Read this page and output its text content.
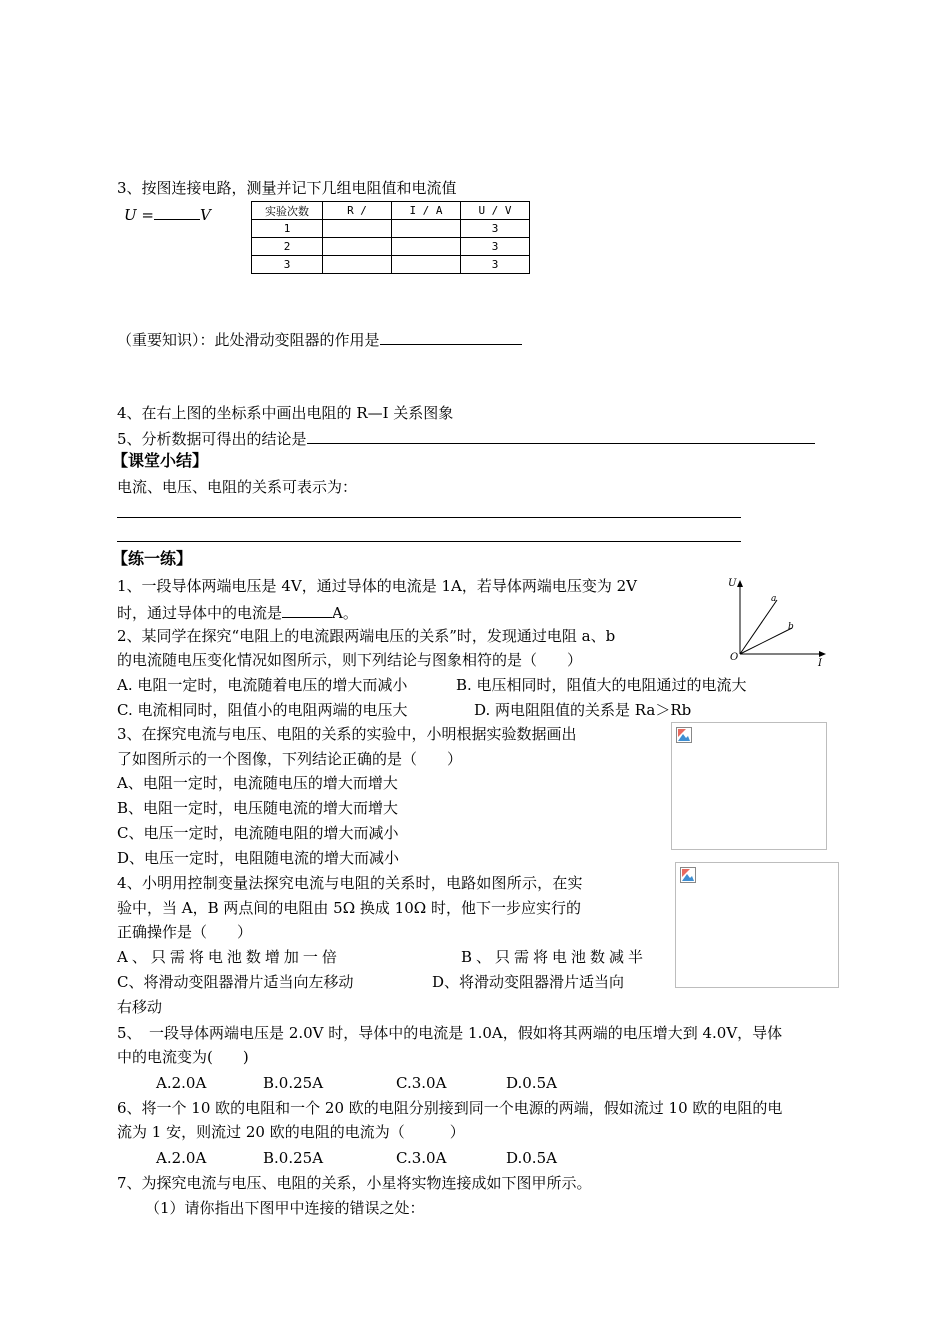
3、按图连接电路，测量并记下几组电阻值和电流值
U =	V	实验次数	R /	I / A	U / V
1			3
2			3
3			3
（重要知识）：此处滑动变阻器的作用是
4、在右上图的坐标系中画出电阻的 R—I 关系图象
5、分析数据可得出的结论是
【课堂小结】
电流、电压、电阻的关系可表示为：
【练一练】
1、一段导体两端电压是 4V，通过导体的电流是 1A，若导体两端电压变为 2V
时，通过导体中的电流是	A。
U
I
O
a
b
2、某同学在探究“电阻上的电流跟两端电压的关系”时，发现通过电阻 a、b
的电流随电压变化情况如图所示，则下列结论与图象相符的是（　　）
A. 电阻一定时，电流随着电压的增大而减小	B. 电压相同时，阻值大的电阻通过的电流大
C. 电流相同时，阻值小的电阻两端的电压大	D. 两电阻阻值的关系是 Ra＞Rb
3、在探究电流与电压、电阻的关系的实验中，小明根据实验数据画出
了如图所示的一个图像，下列结论正确的是（　　）
A、电阻一定时，电流随电压的增大而增大
B、电阻一定时，电压随电流的增大而增大
C、电压一定时，电流随电阻的增大而减小
D、电压一定时，电阻随电流的增大而减小
4、小明用控制变量法探究电流与电阻的关系时，电路如图所示，在实
验中，当 A，B 两点间的电阻由 5Ω 换成 10Ω 时，他下一步应实行的
正确操作是（　　）
A、只需将电池数增加一倍	B、只需将电池数减半
C、将滑动变阻器滑片适当向左移动	D、将滑动变阻器滑片适当向
右移动
5、　一段导体两端电压是 2.0V 时，导体中的电流是 1.0A，假如将其两端的电压增大到 4.0V，导体
中的电流变为(　　)
A.2.0A	B.0.25A	C.3.0A	D.0.5A
6、将一个 10 欧的电阻和一个 20 欧的电阻分别接到同一个电源的两端，假如流过 10 欧的电阻的电
流为 1 安，则流过 20 欧的电阻的电流为（　　　）
A.2.0A	B.0.25A	C.3.0A	D.0.5A
7、为探究电流与电压、电阻的关系，小星将实物连接成如下图甲所示。
（1）请你指出下图甲中连接的错误之处：
